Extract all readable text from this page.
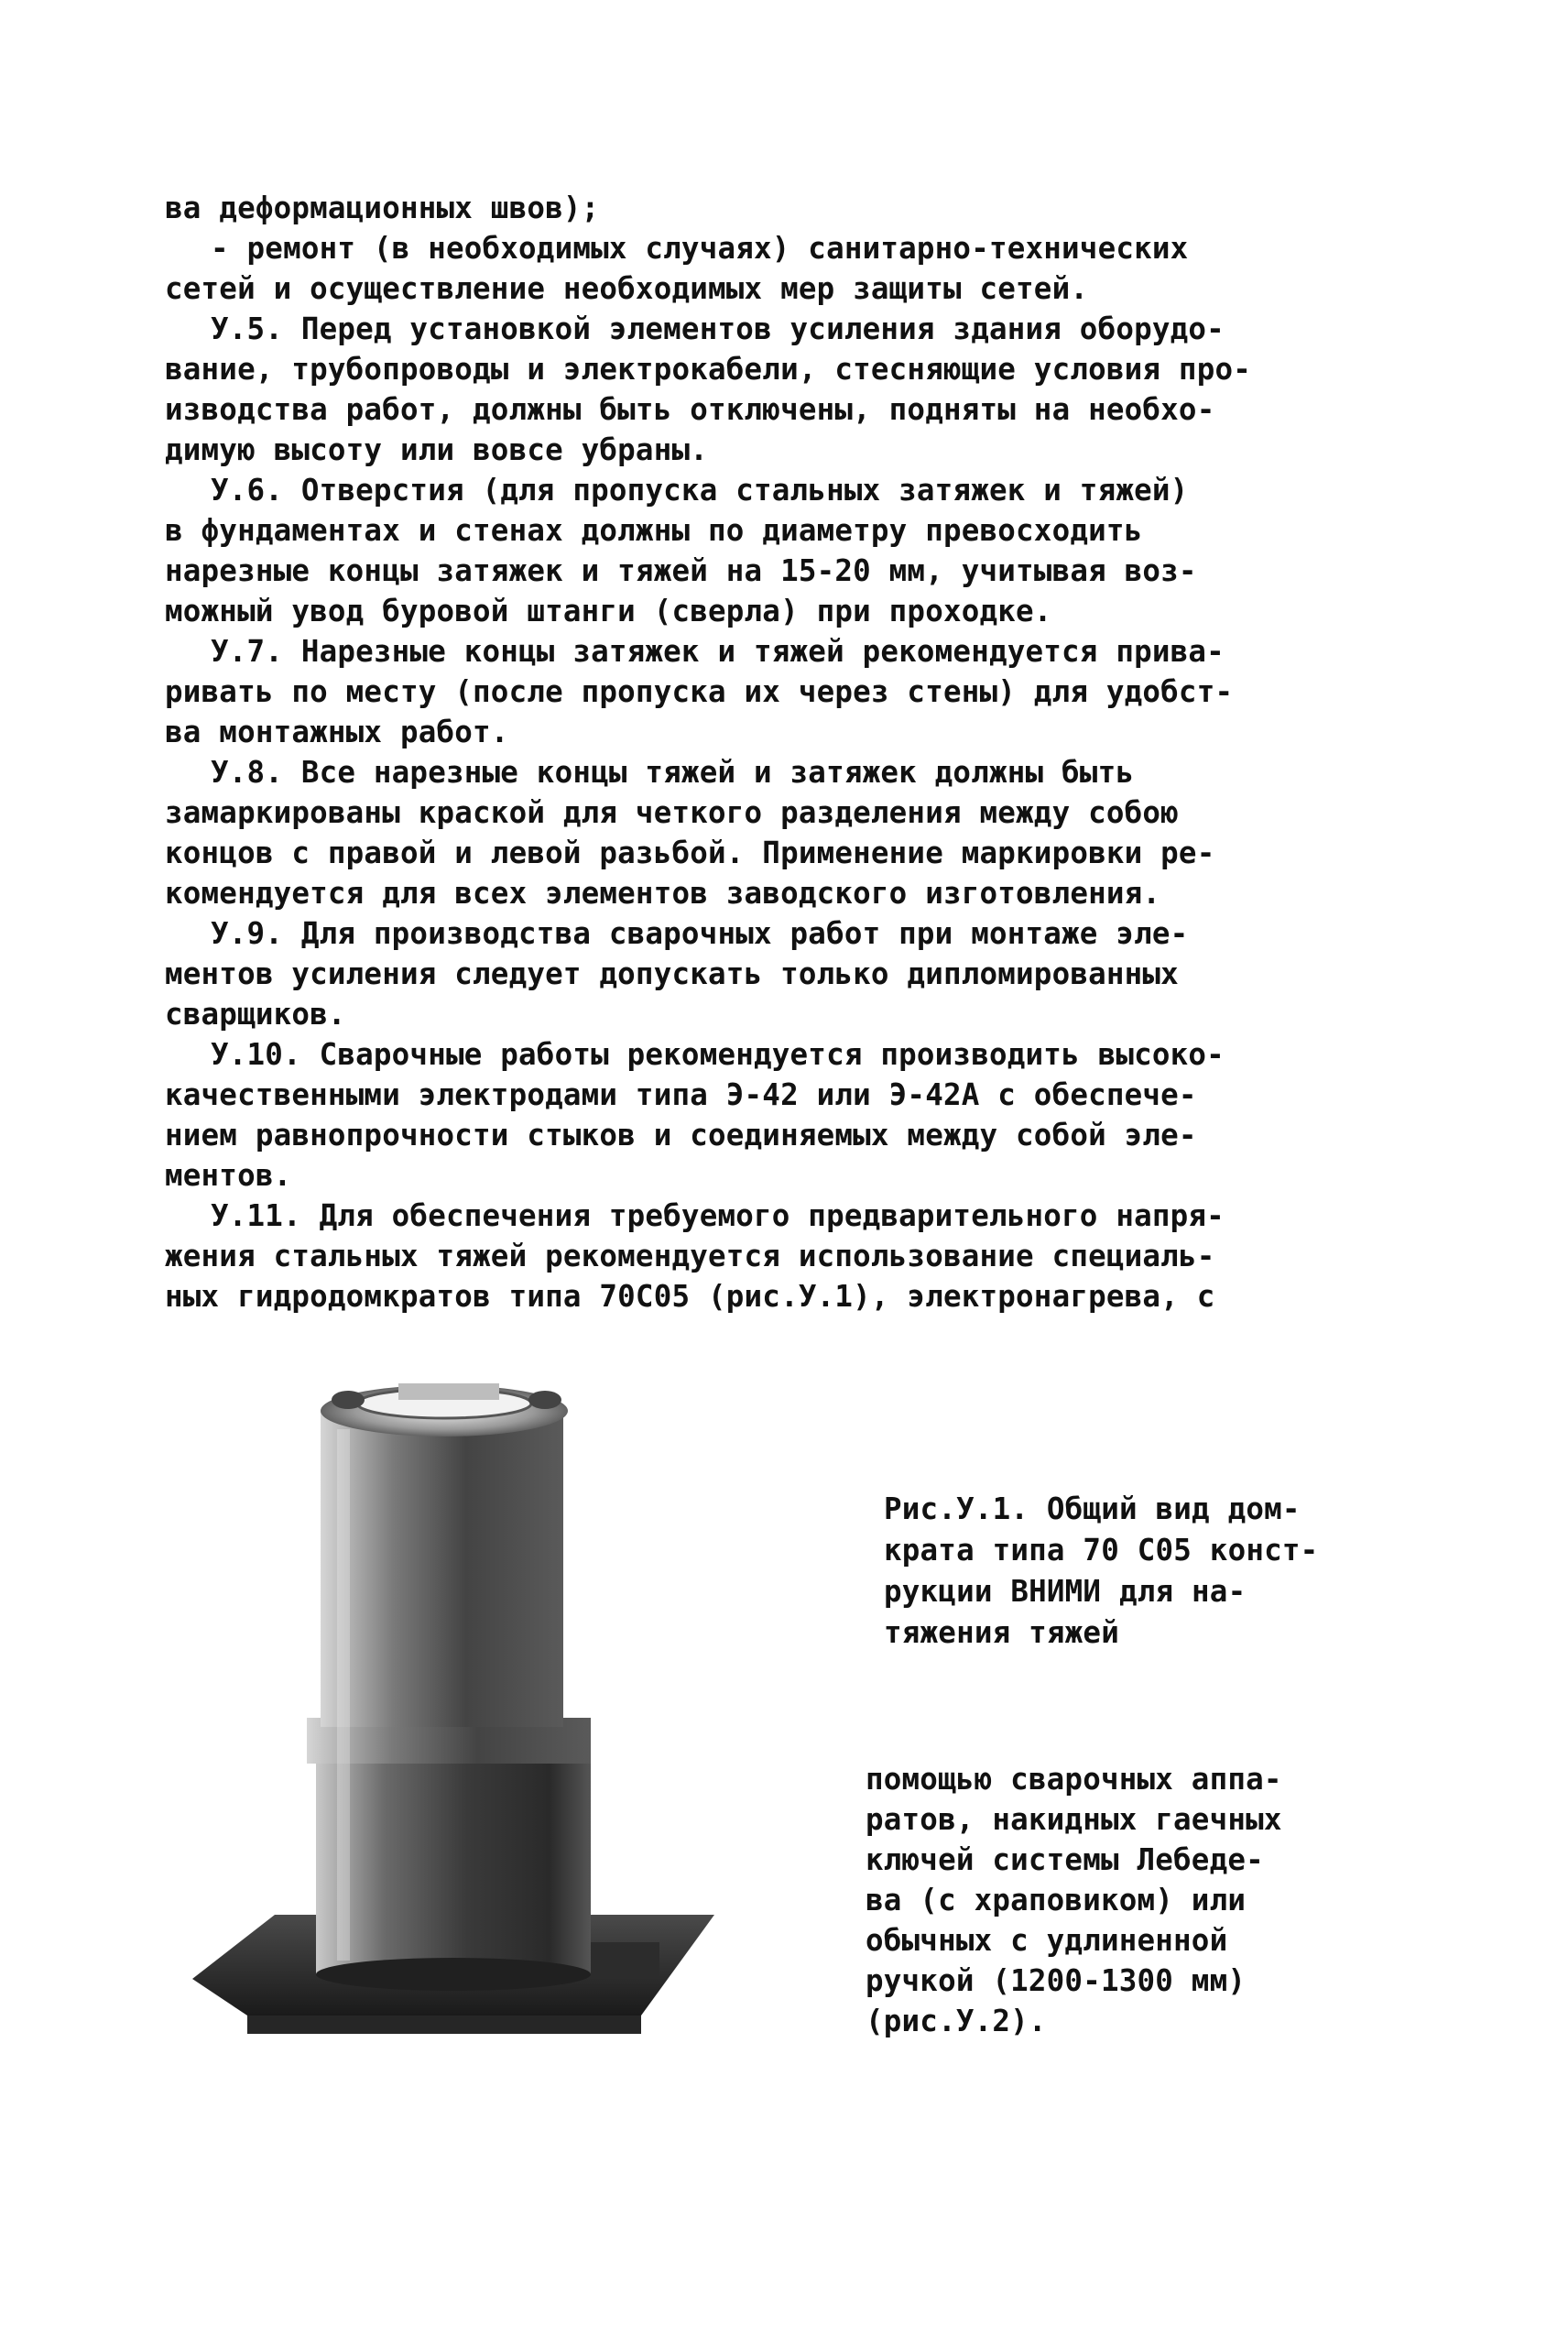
ва деформационных швов);
- ремонт (в необходимых случаях) санитарно-технических
сетей и осуществление необходимых мер защиты сетей.
У.5. Перед установкой элементов усиления здания оборудо-
вание, трубопроводы и электрокабели, стесняющие условия про-
изводства работ, должны быть отключены, подняты на необхо-
димую высоту или вовсе убраны.
У.6. Отверстия (для пропуска стальных затяжек и тяжей)
в фундаментах и стенах должны по диаметру превосходить
нарезные концы затяжек и тяжей на 15-20 мм, учитывая воз-
можный увод буровой штанги (сверла) при проходке.
У.7. Нарезные концы затяжек и тяжей рекомендуется прива-
ривать по месту (после пропуска их через стены) для удобст-
ва монтажных работ.
У.8. Все нарезные концы тяжей и затяжек должны быть
замаркированы краской для четкого разделения между собою
концов с правой и левой разьбой. Применение маркировки ре-
комендуется для всех элементов заводского изготовления.
У.9. Для производства сварочных работ при монтаже эле-
ментов усиления следует допускать только дипломированных
сварщиков.
У.10. Сварочные работы рекомендуется производить высоко-
качественными электродами типа Э-42 или Э-42А с обеспече-
нием равнопрочности стыков и соединяемых между собой эле-
ментов.
У.11. Для обеспечения требуемого предварительного напря-
жения стальных тяжей рекомендуется использование специаль-
ных гидродомкратов типа 70С05 (рис.У.1), электронагрева, с
Рис.У.1. Общий вид дом-
крата типа 70 С05 конст-
рукции ВНИМИ для на-
тяжения тяжей
помощью сварочных аппа-
ратов, накидных гаечных
ключей системы Лебеде-
ва (с храповиком) или
обычных с удлиненной
ручкой (1200-1300 мм)
(рис.У.2).
